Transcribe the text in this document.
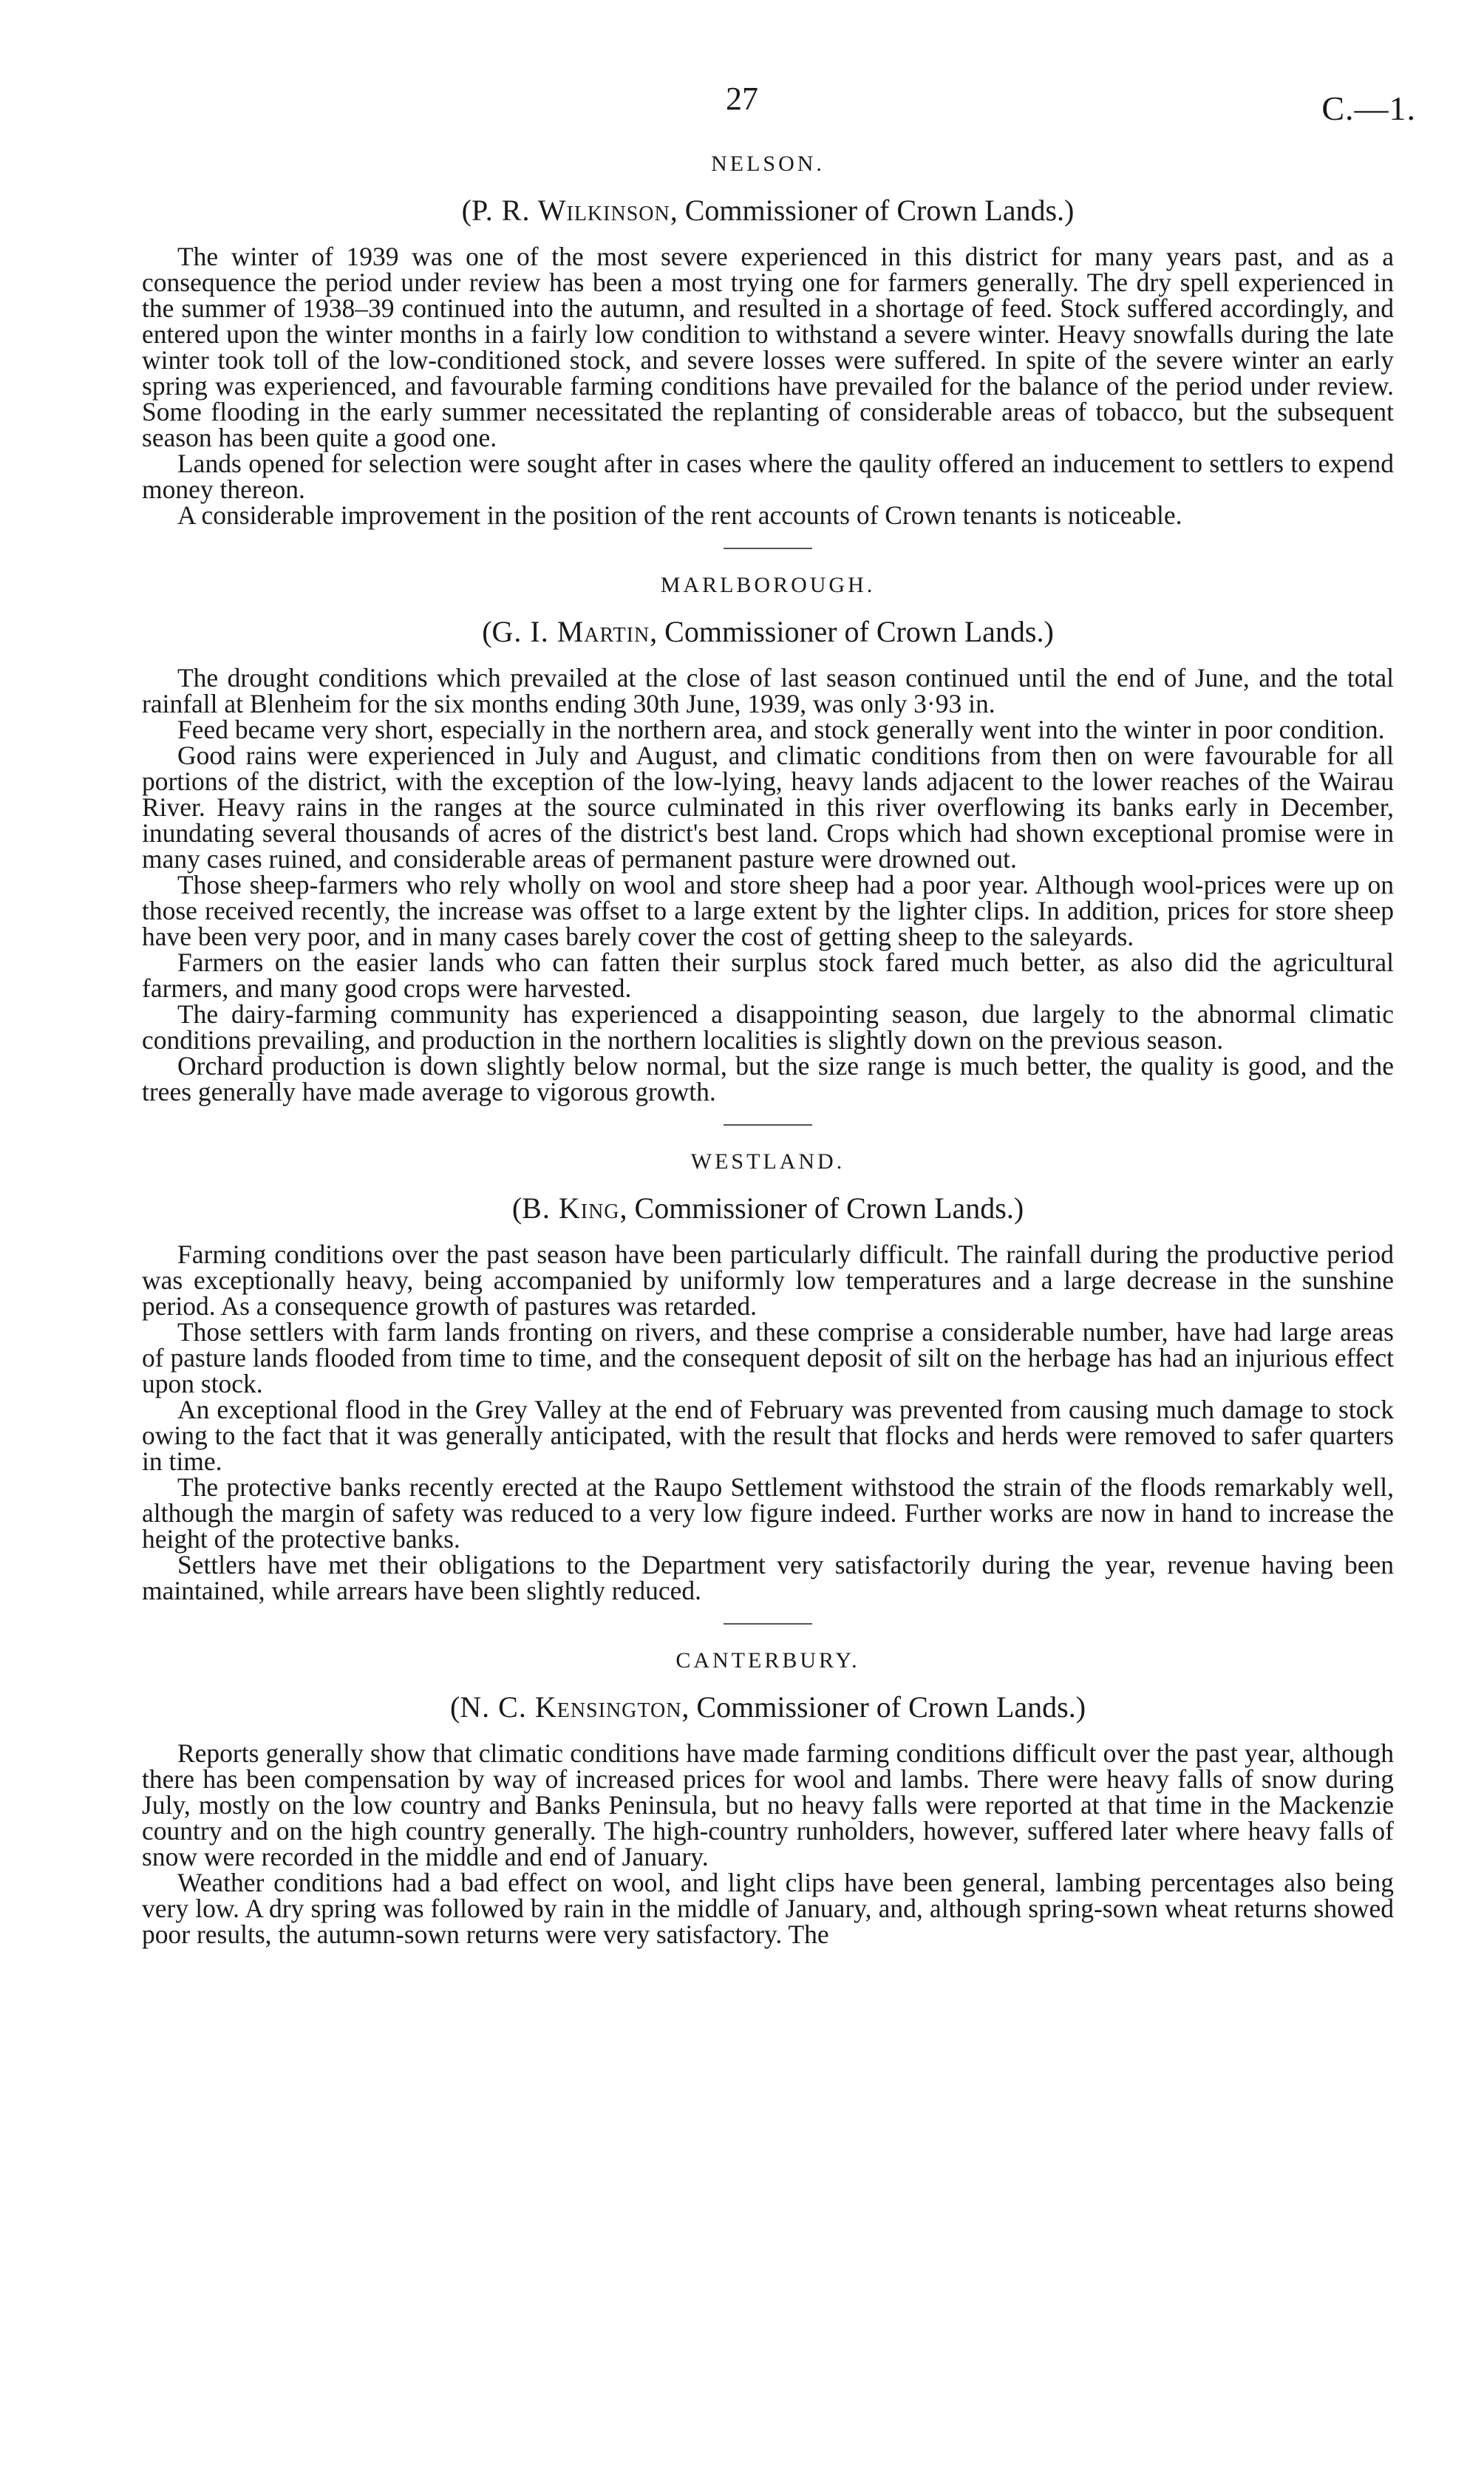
27	C.—1.
NELSON.
(P. R. Wilkinson, Commissioner of Crown Lands.)

The winter of 1939 was one of the most severe experienced in this district for many years past, and as a consequence the period under review has been a most trying one for farmers generally. The dry spell experienced in the summer of 1938–39 continued into the autumn, and resulted in a shortage of feed. Stock suffered accordingly, and entered upon the winter months in a fairly low condition to withstand a severe winter. Heavy snowfalls during the late winter took toll of the low-conditioned stock, and severe losses were suffered. In spite of the severe winter an early spring was experienced, and favourable farming conditions have prevailed for the balance of the period under review. Some flooding in the early summer necessitated the replanting of considerable areas of tobacco, but the subsequent season has been quite a good one.

Lands opened for selection were sought after in cases where the qaulity offered an inducement to settlers to expend money thereon.

A considerable improvement in the position of the rent accounts of Crown tenants is noticeable.

MARLBOROUGH.
(G. I. Martin, Commissioner of Crown Lands.)

The drought conditions which prevailed at the close of last season continued until the end of June, and the total rainfall at Blenheim for the six months ending 30th June, 1939, was only 3·93 in.

Feed became very short, especially in the northern area, and stock generally went into the winter in poor condition.

Good rains were experienced in July and August, and climatic conditions from then on were favourable for all portions of the district, with the exception of the low-lying, heavy lands adjacent to the lower reaches of the Wairau River. Heavy rains in the ranges at the source culminated in this river overflowing its banks early in December, inundating several thousands of acres of the district's best land. Crops which had shown exceptional promise were in many cases ruined, and considerable areas of permanent pasture were drowned out.

Those sheep-farmers who rely wholly on wool and store sheep had a poor year. Although wool-prices were up on those received recently, the increase was offset to a large extent by the lighter clips. In addition, prices for store sheep have been very poor, and in many cases barely cover the cost of getting sheep to the saleyards.

Farmers on the easier lands who can fatten their surplus stock fared much better, as also did the agricultural farmers, and many good crops were harvested.

The dairy-farming community has experienced a disappointing season, due largely to the abnormal climatic conditions prevailing, and production in the northern localities is slightly down on the previous season.

Orchard production is down slightly below normal, but the size range is much better, the quality is good, and the trees generally have made average to vigorous growth.

WESTLAND.
(B. King, Commissioner of Crown Lands.)

Farming conditions over the past season have been particularly difficult. The rainfall during the productive period was exceptionally heavy, being accompanied by uniformly low temperatures and a large decrease in the sunshine period. As a consequence growth of pastures was retarded.

Those settlers with farm lands fronting on rivers, and these comprise a considerable number, have had large areas of pasture lands flooded from time to time, and the consequent deposit of silt on the herbage has had an injurious effect upon stock.

An exceptional flood in the Grey Valley at the end of February was prevented from causing much damage to stock owing to the fact that it was generally anticipated, with the result that flocks and herds were removed to safer quarters in time.

The protective banks recently erected at the Raupo Settlement withstood the strain of the floods remarkably well, although the margin of safety was reduced to a very low figure indeed. Further works are now in hand to increase the height of the protective banks.

Settlers have met their obligations to the Department very satisfactorily during the year, revenue having been maintained, while arrears have been slightly reduced.

CANTERBURY.
(N. C. Kensington, Commissioner of Crown Lands.)

Reports generally show that climatic conditions have made farming conditions difficult over the past year, although there has been compensation by way of increased prices for wool and lambs. There were heavy falls of snow during July, mostly on the low country and Banks Peninsula, but no heavy falls were reported at that time in the Mackenzie country and on the high country generally. The high-country runholders, however, suffered later where heavy falls of snow were recorded in the middle and end of January.

Weather conditions had a bad effect on wool, and light clips have been general, lambing percentages also being very low. A dry spring was followed by rain in the middle of January, and, although spring-sown wheat returns showed poor results, the autumn-sown returns were very satisfactory. The
